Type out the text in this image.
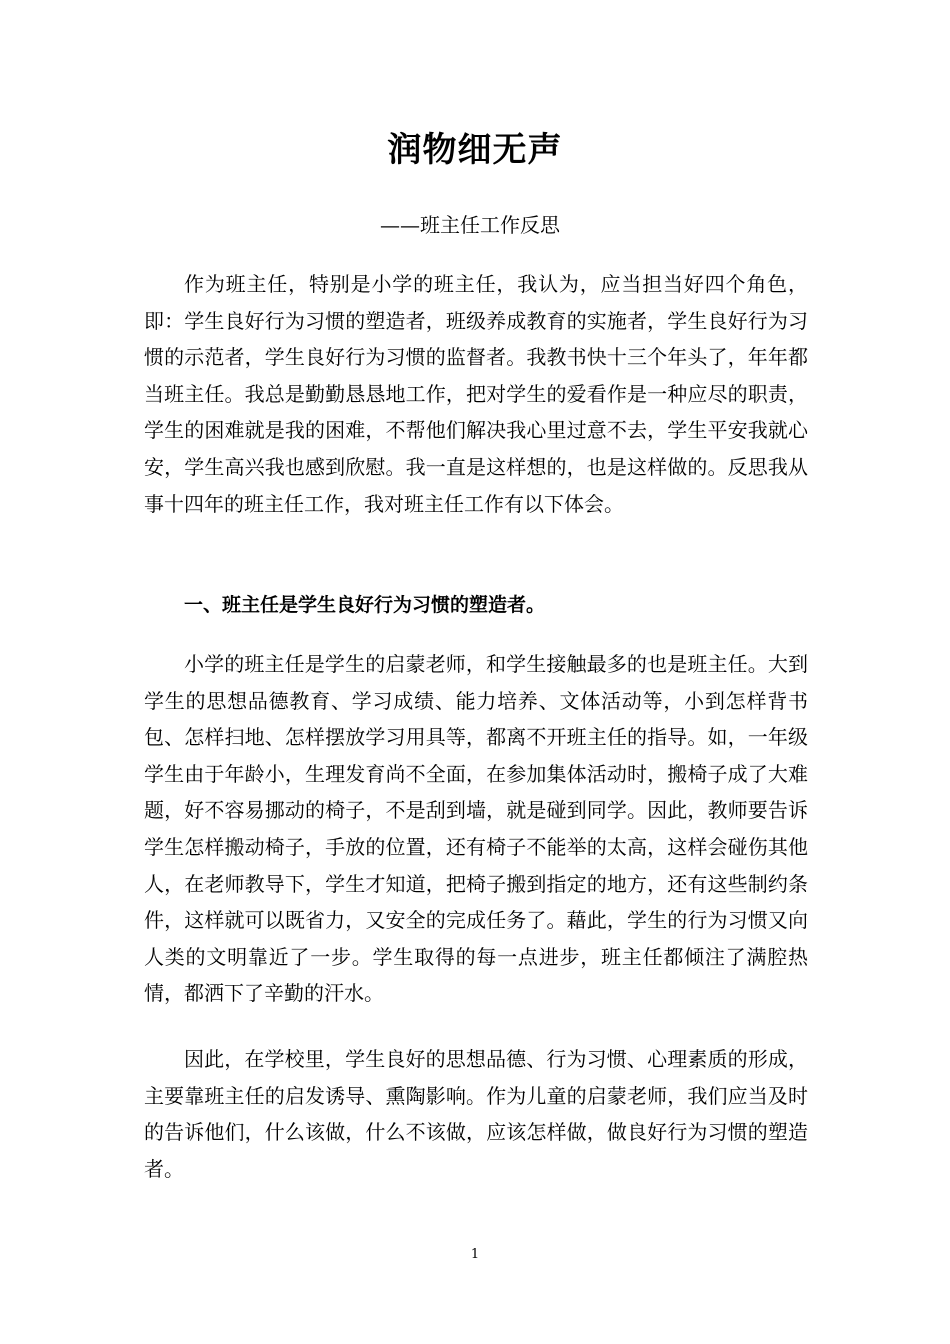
润物细无声
——班主任工作反思

作为班主任，特别是小学的班主任，我认为，应当担当好四个角色，即：学生良好行为习惯的塑造者，班级养成教育的实施者，学生良好行为习惯的示范者，学生良好行为习惯的监督者。我教书快十三个年头了，年年都当班主任。我总是勤勤恳恳地工作，把对学生的爱看作是一种应尽的职责，学生的困难就是我的困难，不帮他们解决我心里过意不去，学生平安我就心安，学生高兴我也感到欣慰。我一直是这样想的，也是这样做的。反思我从事十四年的班主任工作，我对班主任工作有以下体会。

一、班主任是学生良好行为习惯的塑造者。

小学的班主任是学生的启蒙老师，和学生接触最多的也是班主任。大到学生的思想品德教育、学习成绩、能力培养、文体活动等，小到怎样背书包、怎样扫地、怎样摆放学习用具等，都离不开班主任的指导。如，一年级学生由于年龄小，生理发育尚不全面，在参加集体活动时，搬椅子成了大难题，好不容易挪动的椅子，不是刮到墙，就是碰到同学。因此，教师要告诉学生怎样搬动椅子，手放的位置，还有椅子不能举的太高，这样会碰伤其他人，在老师教导下，学生才知道，把椅子搬到指定的地方，还有这些制约条件，这样就可以既省力，又安全的完成任务了。藉此，学生的行为习惯又向人类的文明靠近了一步。学生取得的每一点进步，班主任都倾注了满腔热情，都洒下了辛勤的汗水。

因此，在学校里，学生良好的思想品德、行为习惯、心理素质的形成，主要靠班主任的启发诱导、熏陶影响。作为儿童的启蒙老师，我们应当及时的告诉他们，什么该做，什么不该做，应该怎样做，做良好行为习惯的塑造者。

1
